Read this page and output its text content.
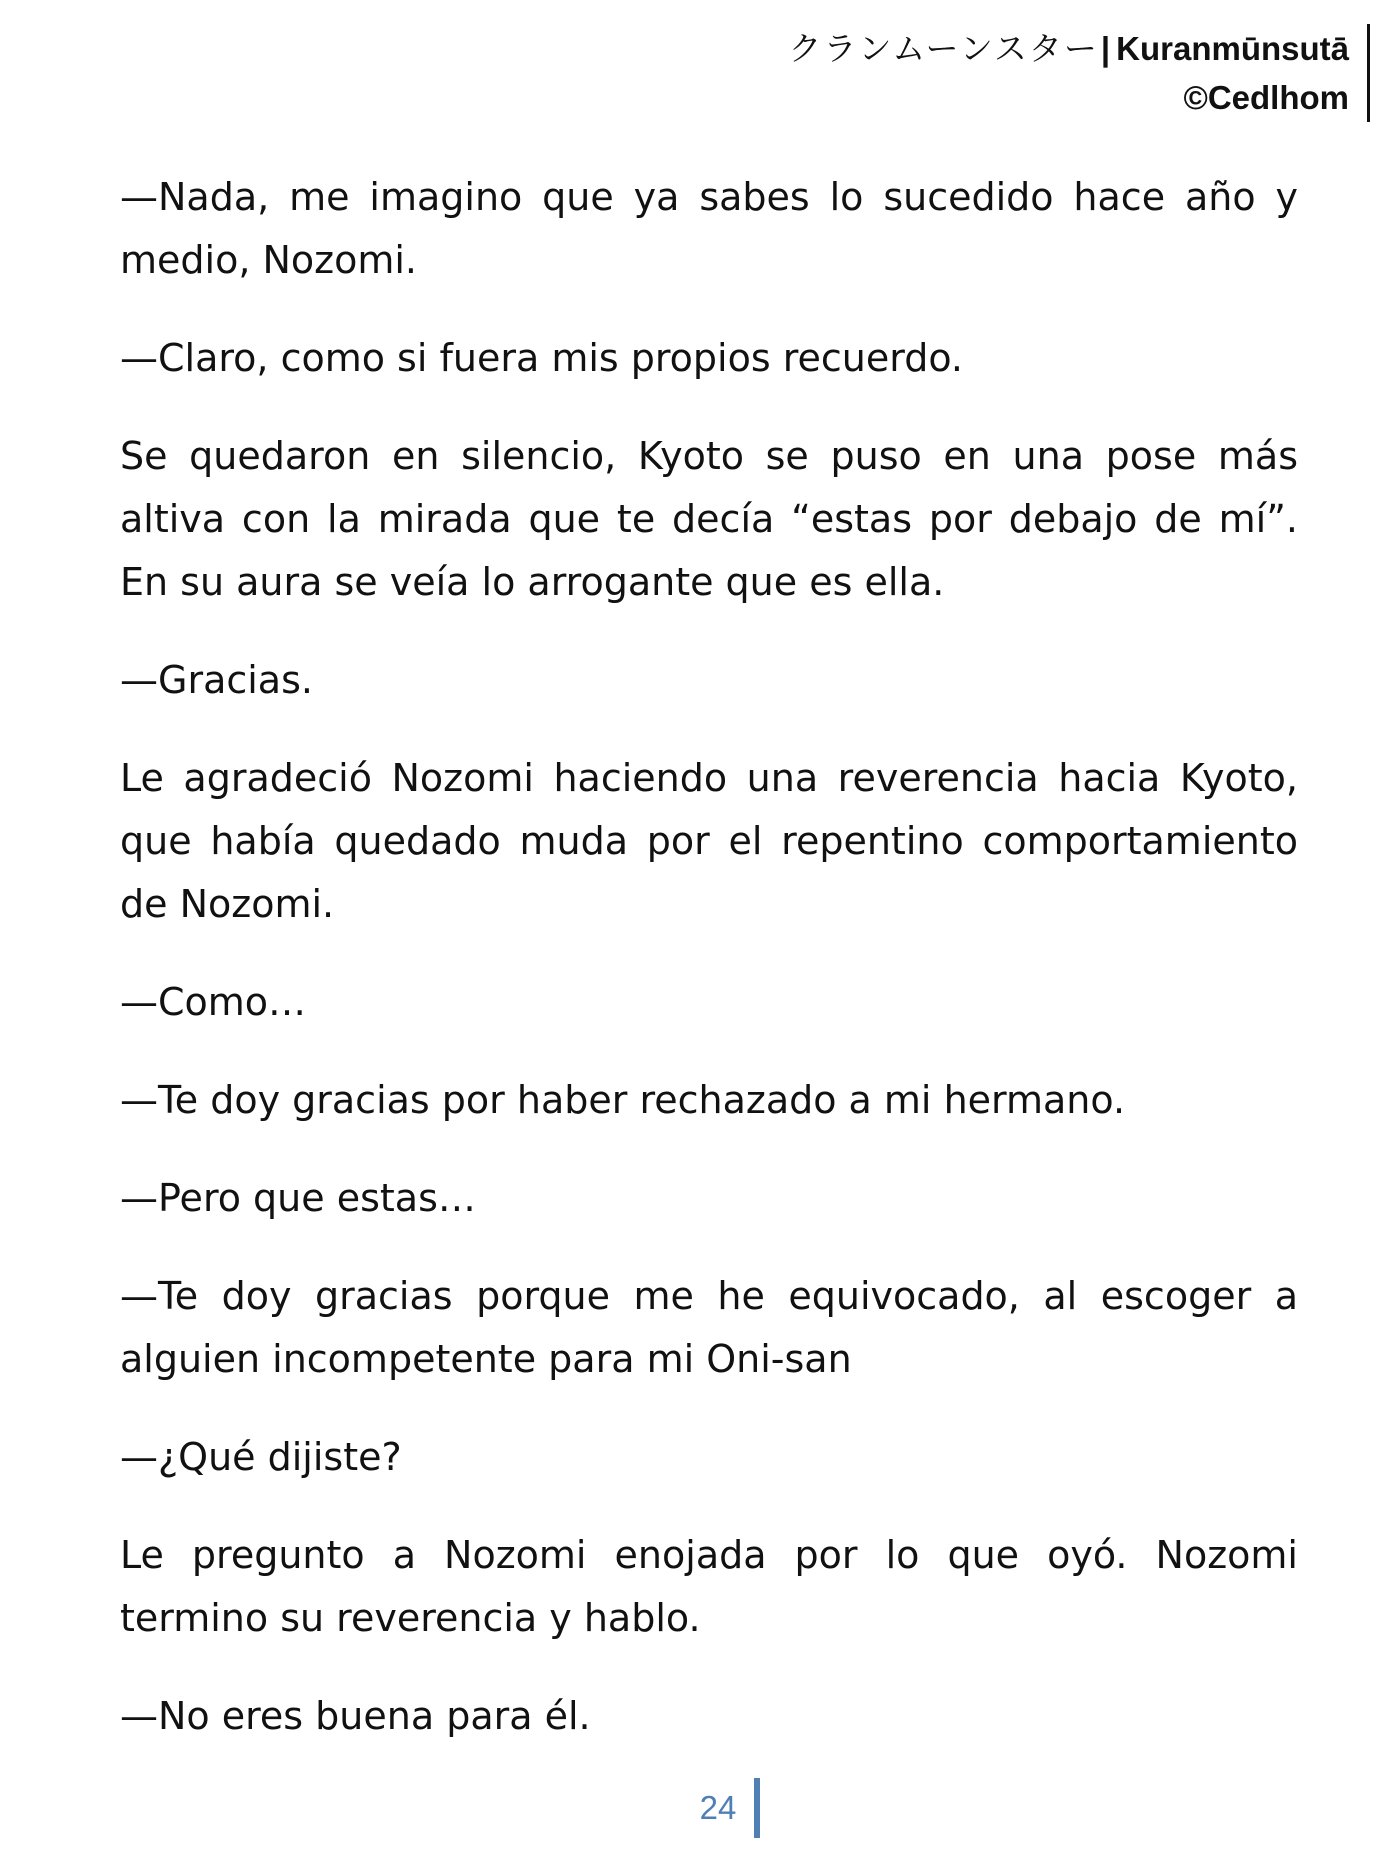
クランムーンスター| Kuranmūnsutā
©Cedlhom

—Nada, me imagino que ya sabes lo sucedido hace año y medio, Nozomi.

—Claro, como si fuera mis propios recuerdo.

Se quedaron en silencio, Kyoto se puso en una pose más altiva con la mirada que te decía “estas por debajo de mí”. En su aura se veía lo arrogante que es ella.

—Gracias.

Le agradeció Nozomi haciendo una reverencia hacia Kyoto, que había quedado muda por el repentino comportamiento de Nozomi.

—Como…

—Te doy gracias por haber rechazado a mi hermano.

—Pero que estas…

—Te doy gracias porque me he equivocado, al escoger a alguien incompetente para mi Oni-san

—¿Qué dijiste?

Le pregunto a Nozomi enojada por lo que oyó. Nozomi termino su reverencia y hablo.

—No eres buena para él.

24
